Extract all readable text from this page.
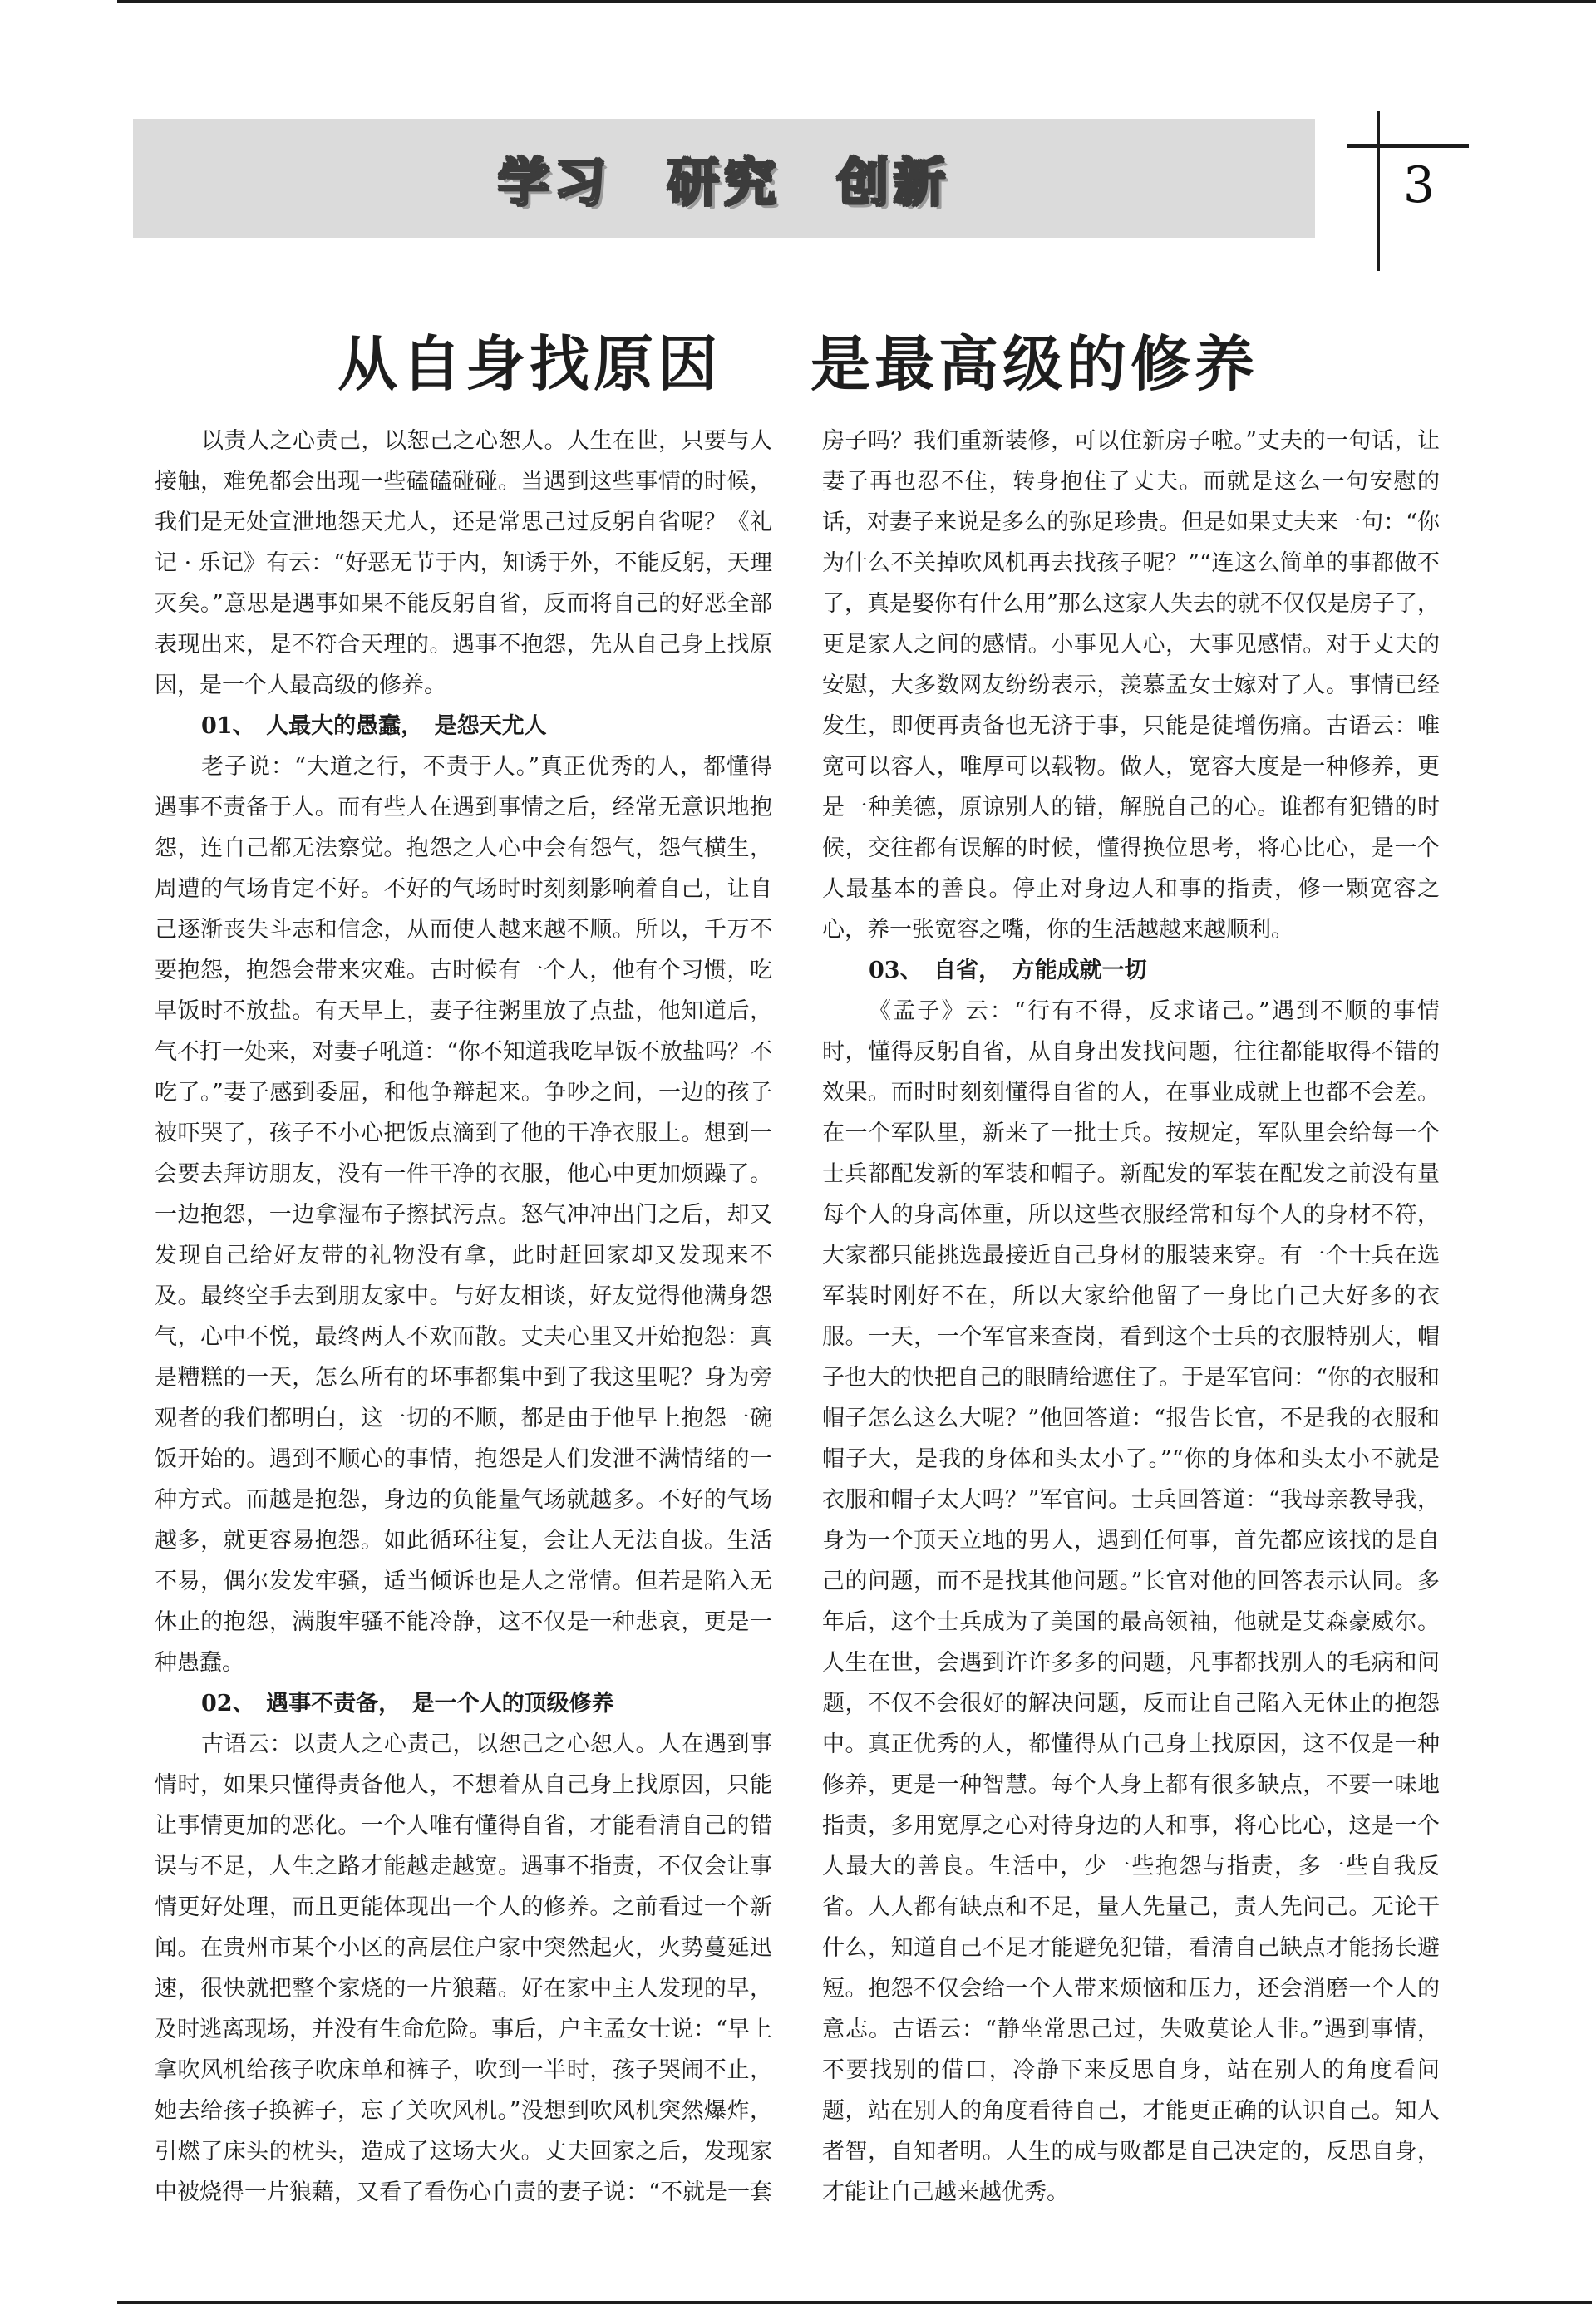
学习　研究　创新	3
从自身找原因　 是最高级的修养

以责人之心责己，以恕己之心恕人。人生在世，只要与人接触，难免都会出现一些磕磕碰碰。当遇到这些事情的时候，我们是无处宣泄地怨天尤人，还是常思己过反躬自省呢？《礼记 · 乐记》有云：“好恶无节于内，知诱于外，不能反躬，天理灭矣。”意思是遇事如果不能反躬自省，反而将自己的好恶全部表现出来，是不符合天理的。遇事不抱怨，先从自己身上找原因，是一个人最高级的修养。

01、　人最大的愚蠢，　是怨天尤人

老子说：“大道之行，不责于人。”真正优秀的人，都懂得遇事不责备于人。而有些人在遇到事情之后，经常无意识地抱怨，连自己都无法察觉。抱怨之人心中会有怨气，怨气横生，周遭的气场肯定不好。不好的气场时时刻刻影响着自己，让自己逐渐丧失斗志和信念，从而使人越来越不顺。所以，千万不要抱怨，抱怨会带来灾难。古时候有一个人，他有个习惯，吃早饭时不放盐。有天早上，妻子往粥里放了点盐，他知道后，气不打一处来，对妻子吼道：“你不知道我吃早饭不放盐吗？不吃了。”妻子感到委屈，和他争辩起来。争吵之间，一边的孩子被吓哭了，孩子不小心把饭点滴到了他的干净衣服上。想到一会要去拜访朋友，没有一件干净的衣服，他心中更加烦躁了。一边抱怨，一边拿湿布子擦拭污点。怒气冲冲出门之后，却又发现自己给好友带的礼物没有拿，此时赶回家却又发现来不及。最终空手去到朋友家中。与好友相谈，好友觉得他满身怨气，心中不悦，最终两人不欢而散。丈夫心里又开始抱怨：真是糟糕的一天，怎么所有的坏事都集中到了我这里呢？身为旁观者的我们都明白，这一切的不顺，都是由于他早上抱怨一碗饭开始的。遇到不顺心的事情，抱怨是人们发泄不满情绪的一种方式。而越是抱怨，身边的负能量气场就越多。不好的气场越多，就更容易抱怨。如此循环往复，会让人无法自拔。生活不易，偶尔发发牢骚，适当倾诉也是人之常情。但若是陷入无休止的抱怨，满腹牢骚不能冷静，这不仅是一种悲哀，更是一种愚蠢。

02、　遇事不责备，　是一个人的顶级修养

古语云：以责人之心责己，以恕己之心恕人。人在遇到事情时，如果只懂得责备他人，不想着从自己身上找原因，只能让事情更加的恶化。一个人唯有懂得自省，才能看清自己的错误与不足，人生之路才能越走越宽。遇事不指责，不仅会让事情更好处理，而且更能体现出一个人的修养。之前看过一个新闻。在贵州市某个小区的高层住户家中突然起火，火势蔓延迅速，很快就把整个家烧的一片狼藉。好在家中主人发现的早，及时逃离现场，并没有生命危险。事后，户主孟女士说：“早上拿吹风机给孩子吹床单和裤子，吹到一半时，孩子哭闹不止，她去给孩子换裤子，忘了关吹风机。”没想到吹风机突然爆炸，引燃了床头的枕头，造成了这场大火。丈夫回家之后，发现家中被烧得一片狼藉，又看了看伤心自责的妻子说：“不就是一套房子吗？我们重新装修，可以住新房子啦。”丈夫的一句话，让妻子再也忍不住，转身抱住了丈夫。而就是这么一句安慰的话，对妻子来说是多么的弥足珍贵。但是如果丈夫来一句：“你为什么不关掉吹风机再去找孩子呢？”“连这么简单的事都做不了，真是娶你有什么用”那么这家人失去的就不仅仅是房子了，更是家人之间的感情。小事见人心，大事见感情。对于丈夫的安慰，大多数网友纷纷表示，羡慕孟女士嫁对了人。事情已经发生，即便再责备也无济于事，只能是徒增伤痛。古语云：唯宽可以容人，唯厚可以载物。做人，宽容大度是一种修养，更是一种美德，原谅别人的错，解脱自己的心。谁都有犯错的时候，交往都有误解的时候，懂得换位思考，将心比心，是一个人最基本的善良。停止对身边人和事的指责，修一颗宽容之心，养一张宽容之嘴，你的生活越越来越顺利。

03、　自省，　方能成就一切

《孟子》云：“行有不得，反求诸己。”遇到不顺的事情时，懂得反躬自省，从自身出发找问题，往往都能取得不错的效果。而时时刻刻懂得自省的人，在事业成就上也都不会差。在一个军队里，新来了一批士兵。按规定，军队里会给每一个士兵都配发新的军装和帽子。新配发的军装在配发之前没有量每个人的身高体重，所以这些衣服经常和每个人的身材不符，大家都只能挑选最接近自己身材的服装来穿。有一个士兵在选军装时刚好不在，所以大家给他留了一身比自己大好多的衣服。一天，一个军官来查岗，看到这个士兵的衣服特别大，帽子也大的快把自己的眼睛给遮住了。于是军官问：“你的衣服和帽子怎么这么大呢？”他回答道：“报告长官，不是我的衣服和帽子大，是我的身体和头太小了。”“你的身体和头太小不就是衣服和帽子太大吗？”军官问。士兵回答道：“我母亲教导我，身为一个顶天立地的男人，遇到任何事，首先都应该找的是自己的问题，而不是找其他问题。”长官对他的回答表示认同。多年后，这个士兵成为了美国的最高领袖，他就是艾森豪威尔。人生在世，会遇到许许多多的问题，凡事都找别人的毛病和问题，不仅不会很好的解决问题，反而让自己陷入无休止的抱怨中。真正优秀的人，都懂得从自己身上找原因，这不仅是一种修养，更是一种智慧。每个人身上都有很多缺点，不要一味地指责，多用宽厚之心对待身边的人和事，将心比心，这是一个人最大的善良。生活中，少一些抱怨与指责，多一些自我反省。人人都有缺点和不足，量人先量己，责人先问己。无论干什么，知道自己不足才能避免犯错，看清自己缺点才能扬长避短。抱怨不仅会给一个人带来烦恼和压力，还会消磨一个人的意志。古语云：“静坐常思己过，失败莫论人非。”遇到事情，不要找别的借口，冷静下来反思自身，站在别人的角度看问题，站在别人的角度看待自己，才能更正确的认识自己。知人者智，自知者明。人生的成与败都是自己决定的，反思自身，才能让自己越来越优秀。
